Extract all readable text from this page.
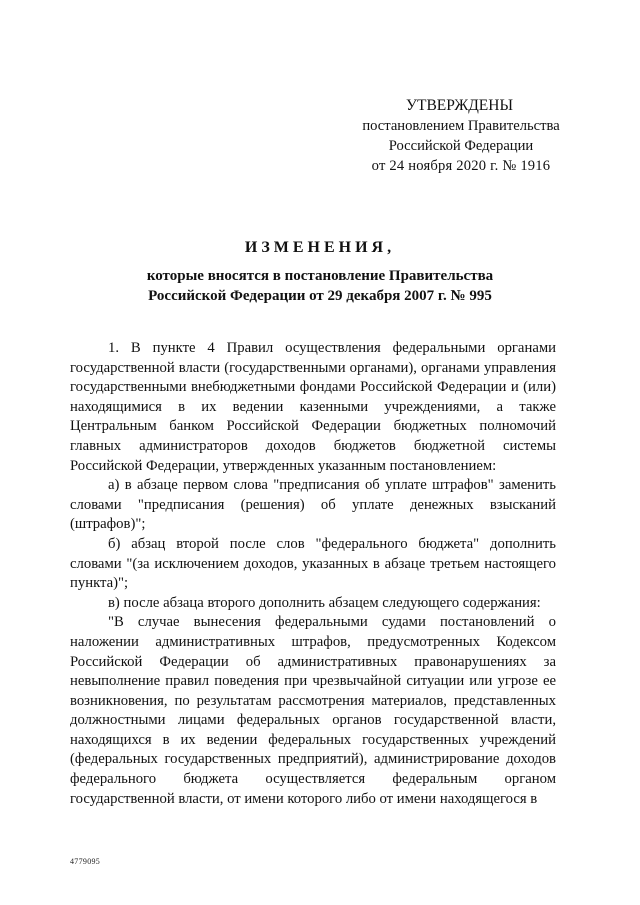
УТВЕРЖДЕНЫ
постановлением Правительства
Российской Федерации
от 24 ноября 2020 г. № 1916
ИЗМЕНЕНИЯ,
которые вносятся в постановление Правительства
Российской Федерации от 29 декабря 2007 г. № 995

1. В пункте 4 Правил осуществления федеральными органами государственной власти (государственными органами), органами управления государственными внебюджетными фондами Российской Федерации и (или) находящимися в их ведении казенными учреждениями, а также Центральным банком Российской Федерации бюджетных полномочий главных администраторов доходов бюджетов бюджетной системы Российской Федерации, утвержденных указанным постановлением:

а) в абзаце первом слова "предписания об уплате штрафов" заменить словами "предписания (решения) об уплате денежных взысканий (штрафов)";

б) абзац второй после слов "федерального бюджета" дополнить словами "(за исключением доходов, указанных в абзаце третьем настоящего пункта)";

в) после абзаца второго дополнить абзацем следующего содержания:

"В случае вынесения федеральными судами постановлений о наложении административных штрафов, предусмотренных Кодексом Российской Федерации об административных правонарушениях за невыполнение правил поведения при чрезвычайной ситуации или угрозе ее возникновения, по результатам рассмотрения материалов, представленных должностными лицами федеральных органов государственной власти, находящихся в их ведении федеральных государственных учреждений (федеральных государственных предприятий), администрирование доходов федерального бюджета осуществляется федеральным органом государственной власти, от имени которого либо от имени находящегося в

4779095
